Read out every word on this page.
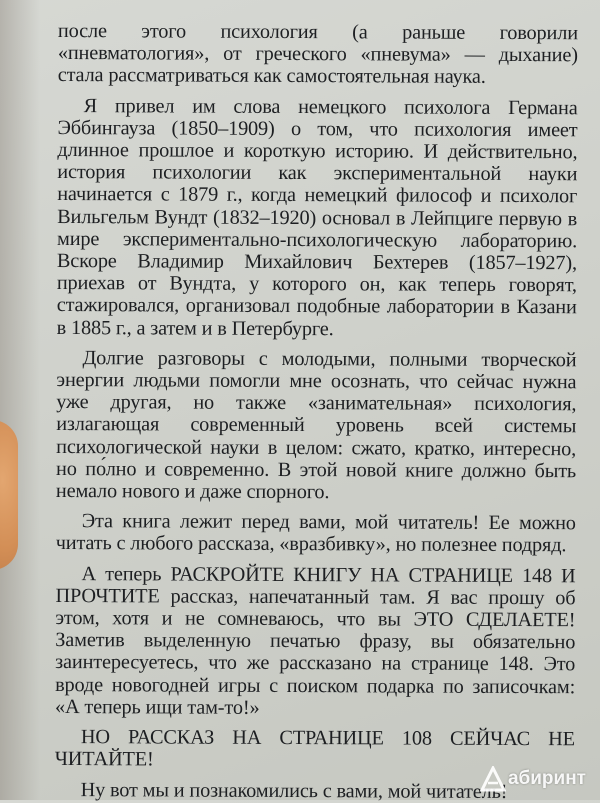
после этого психология (а раньше говорили «пневматология», от греческого «пневума» — дыхание) стала рассматриваться как самостоятельная наука.

Я привел им слова немецкого психолога Германа Эббингауза (1850–1909) о том, что психология имеет длинное прошлое и короткую историю. И действительно, история психологии как экспериментальной науки начинается с 1879 г., когда немецкий философ и психолог Вильгельм Вундт (1832–1920) основал в Лейпциге первую в мире экспериментально-психологическую лабораторию. Вскоре Владимир Михайлович Бехтерев (1857–1927), приехав от Вундта, у которого он, как теперь говорят, стажировался, организовал подобные лаборатории в Казани в 1885 г., а затем и в Петербурге.

Долгие разговоры с молодыми, полными творческой энергии людьми помогли мне осознать, что сейчас нужна уже другая, но также «занимательная» психология, излагающая современный уровень всей системы психологической науки в целом: сжато, кратко, интересно, но по́лно и современно. В этой новой книге должно быть немало нового и даже спорного.

Эта книга лежит перед вами, мой читатель! Ее можно читать с любого рассказа, «вразбивку», но полезнее подряд.

А теперь РАСКРОЙТЕ КНИГУ НА СТРАНИЦЕ 148 И ПРОЧТИТЕ рассказ, напечатанный там. Я вас прошу об этом, хотя и не сомневаюсь, что вы ЭТО СДЕЛАЕТЕ! Заметив выделенную печатью фразу, вы обязательно заинтересуетесь, что же рассказано на странице 148. Это вроде новогодней игры с поиском подарка по записочкам: «А теперь ищи там-то!»

НО РАССКАЗ НА СТРАНИЦЕ 108 СЕЙЧАС НЕ ЧИТАЙТЕ!

Ну вот мы и познакомились с вами, мой читатель!

абиринт
